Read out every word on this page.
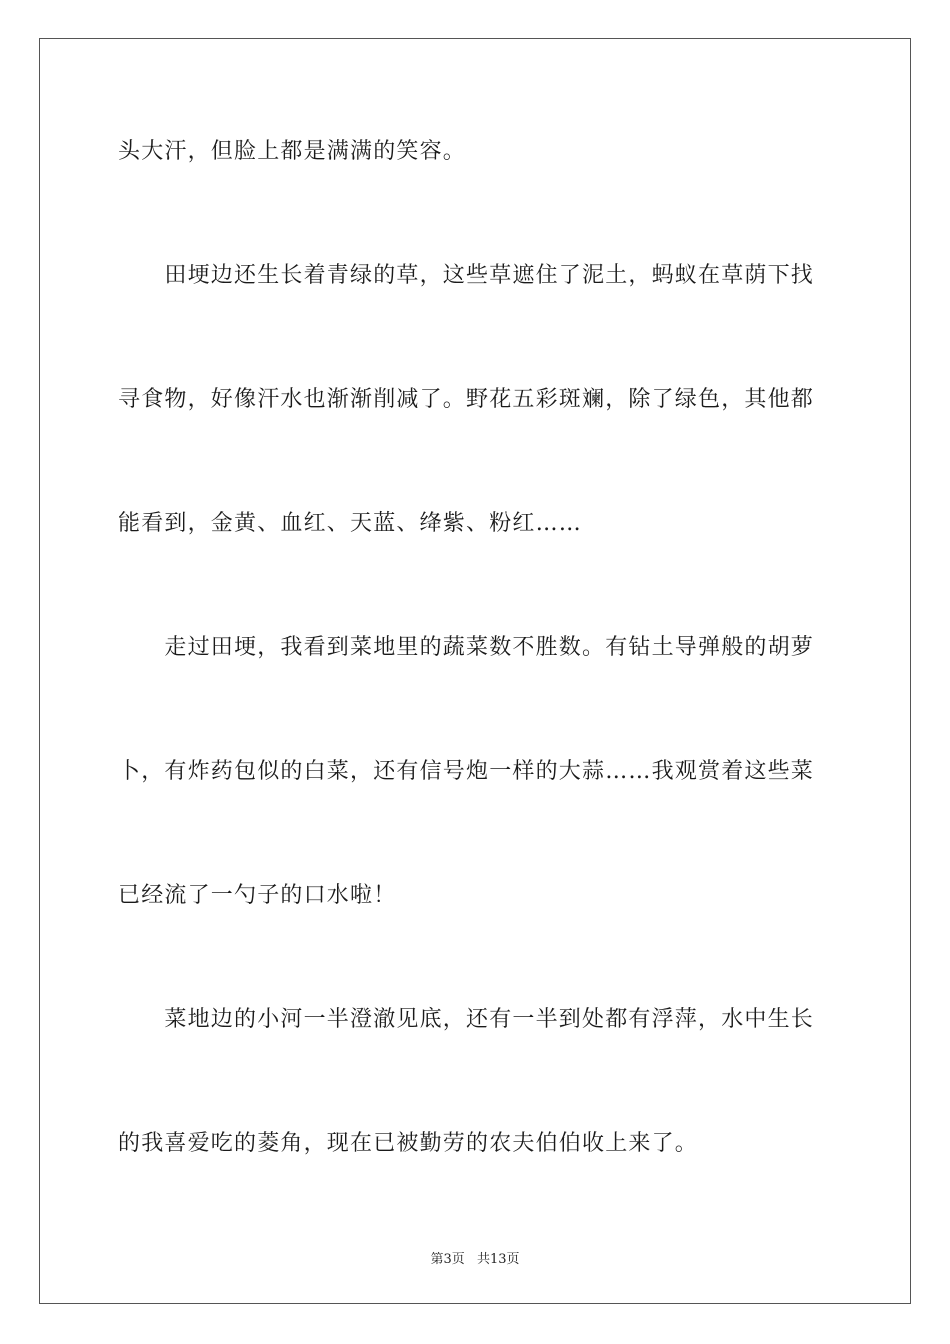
头大汗，但脸上都是满满的笑容。
　　田埂边还生长着青绿的草，这些草遮住了泥土，蚂蚁在草荫下找
寻食物，好像汗水也渐渐削减了。野花五彩斑斓，除了绿色，其他都
能看到，金黄、血红、天蓝、绛紫、粉红……
　　走过田埂，我看到菜地里的蔬菜数不胜数。有钻土导弹般的胡萝
卜，有炸药包似的白菜，还有信号炮一样的大蒜……我观赏着这些菜
已经流了一勺子的口水啦！
　　菜地边的小河一半澄澈见底，还有一半到处都有浮萍，水中生长
的我喜爱吃的菱角，现在已被勤劳的农夫伯伯收上来了。
第3页 共13页
